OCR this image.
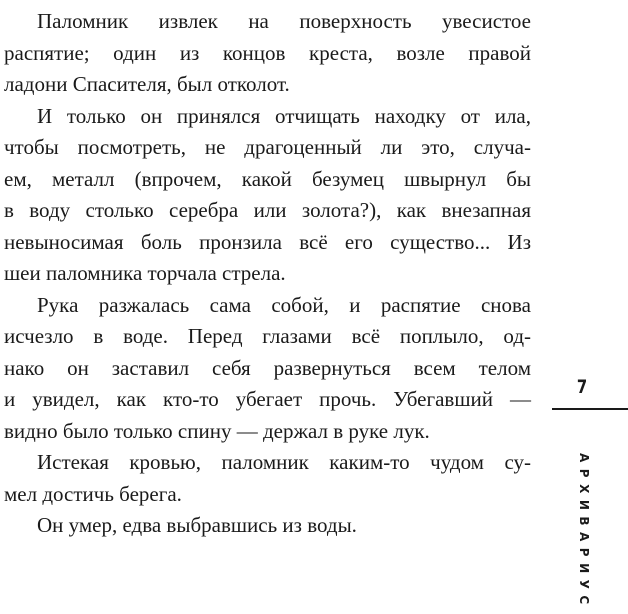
Паломник извлек на поверхность увесистое
распятие; один из концов креста, возле правой
ладони Спасителя, был отколот.
И только он принялся отчищать находку от ила,
чтобы посмотреть, не драгоценный ли это, случа-
ем, металл (впрочем, какой безумец швырнул бы
в воду столько серебра или золота?), как внезапная
невыносимая боль пронзила всё его существо... Из
шеи паломника торчала стрела.
Рука разжалась сама собой, и распятие снова
исчезло в воде. Перед глазами всё поплыло, од-
нако он заставил себя развернуться всем телом
и увидел, как кто-то убегает прочь. Убегавший —
видно было только спину — держал в руке лук.
Истекая кровью, паломник каким-то чудом су-
мел достичь берега.
Он умер, едва выбравшись из воды.
7
АРХИВАРИУС
